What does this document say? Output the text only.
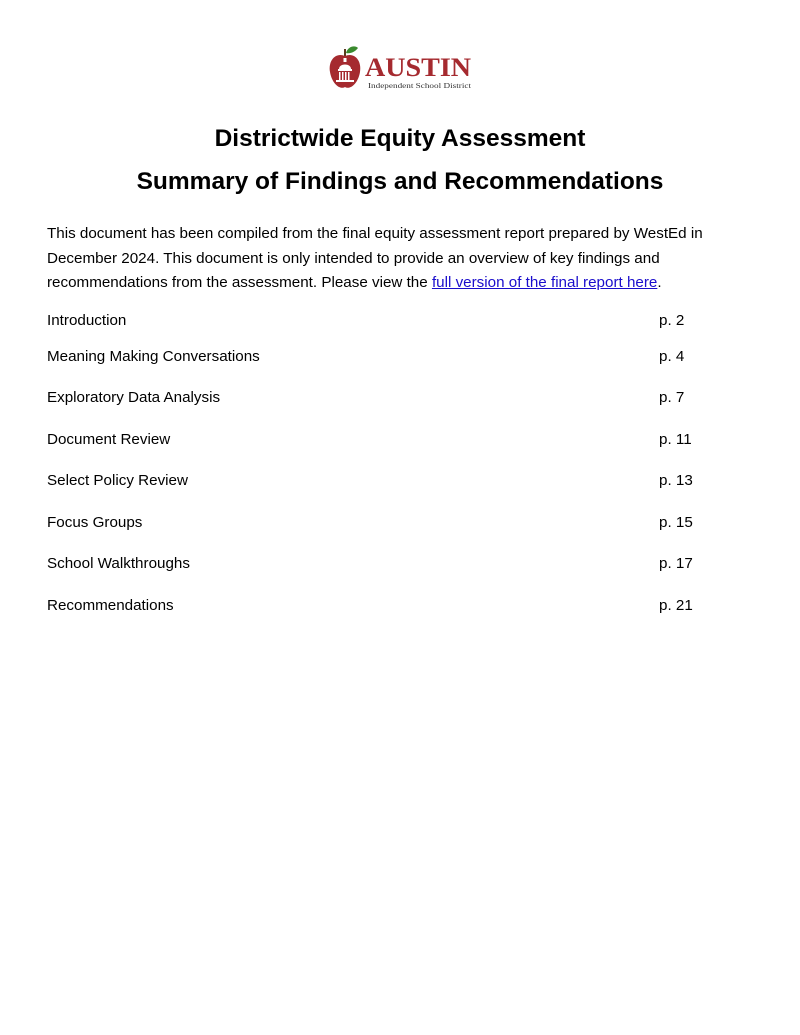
AUSTIN
Independent School District

Districtwide Equity Assessment

Summary of Findings and Recommendations

This document has been compiled from the final equity assessment report prepared by WestEd in December 2024. This document is only intended to provide an overview of key findings and recommendations from the assessment. Please view the full version of the final report here.

Introduction	p. 2
Meaning Making Conversations	p. 4
Exploratory Data Analysis	p. 7
Document Review	p. 11
Select Policy Review	p. 13
Focus Groups	p. 15
School Walkthroughs	p. 17
Recommendations	p. 21
